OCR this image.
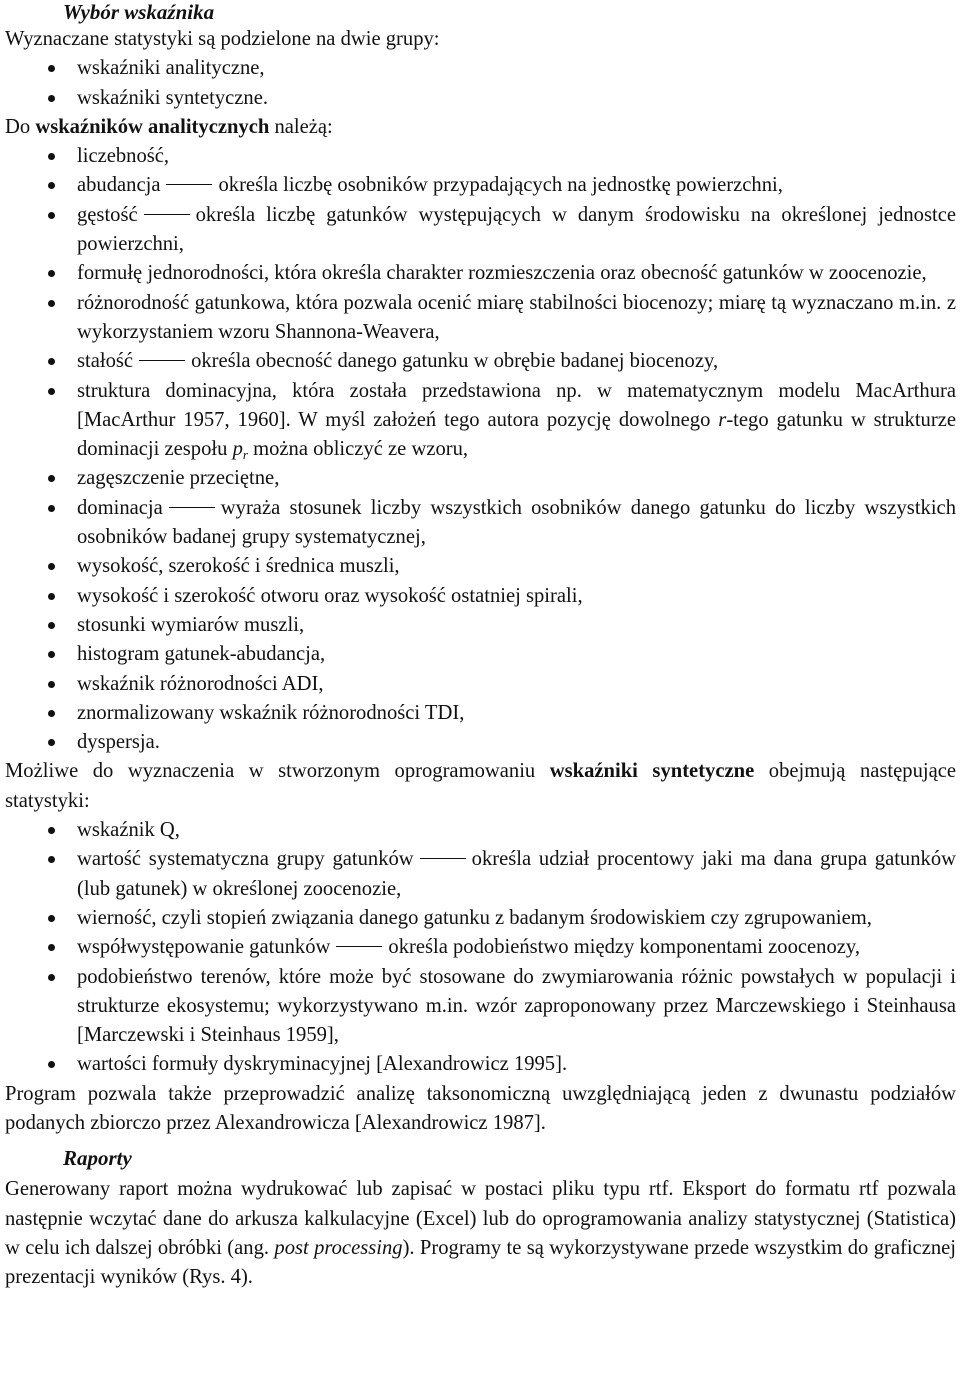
Wybór wskaźnika

Wyznaczane statystyki są podzielone na dwie grupy:

wskaźniki analityczne,
wskaźniki syntetyczne.

Do wskaźników analitycznych należą:

liczebność,
abudancja	określa liczbę osobników przypadających na jednostkę powierzchni,
gęstość	określa liczbę gatunków występujących w danym środowisku na określonej jednostce powierzchni,
formułę jednorodności, która określa charakter rozmieszczenia oraz obecność gatunków w zoocenozie,
różnorodność gatunkowa, która pozwala ocenić miarę stabilności biocenozy; miarę tą wyznaczano m.in. z wykorzystaniem wzoru Shannona-Weavera,
stałość	określa obecność danego gatunku w obrębie badanej biocenozy,
struktura dominacyjna, która została przedstawiona np. w matematycznym modelu MacArthura [MacArthur 1957, 1960]. W myśl założeń tego autora pozycję dowolnego r-tego gatunku w strukturze dominacji zespołu $p_r$ można obliczyć ze wzoru,
zagęszczenie przeciętne,
dominacja	wyraża stosunek liczby wszystkich osobników danego gatunku do liczby wszystkich osobników badanej grupy systematycznej,
wysokość, szerokość i średnica muszli,
wysokość i szerokość otworu oraz wysokość ostatniej spirali,
stosunki wymiarów muszli,
histogram gatunek-abudancja,
wskaźnik różnorodności ADI,
znormalizowany wskaźnik różnorodności TDI,
dyspersja.

Możliwe do wyznaczenia w stworzonym oprogramowaniu wskaźniki syntetyczne obejmują następujące statystyki:

wskaźnik Q,
wartość systematyczna grupy gatunków	określa udział procentowy jaki ma dana grupa gatunków (lub gatunek) w określonej zoocenozie,
wierność, czyli stopień związania danego gatunku z badanym środowiskiem czy zgrupowaniem,
współwystępowanie gatunków	określa podobieństwo między komponentami zoocenozy,
podobieństwo terenów, które może być stosowane do zwymiarowania różnic powstałych w populacji i strukturze ekosystemu; wykorzystywano m.in. wzór zaproponowany przez Marczewskiego i Steinhausa [Marczewski i Steinhaus 1959],
wartości formuły dyskryminacyjnej [Alexandrowicz 1995].

Program pozwala także przeprowadzić analizę taksonomiczną uwzględniającą jeden z dwunastu podziałów podanych zbiorczo przez Alexandrowicza [Alexandrowicz 1987].

Raporty

Generowany raport można wydrukować lub zapisać w postaci pliku typu rtf. Eksport do formatu rtf pozwala następnie wczytać dane do arkusza kalkulacyjne (Excel) lub do oprogramowania analizy statystycznej (Statistica) w celu ich dalszej obróbki (ang. post processing). Programy te są wykorzystywane przede wszystkim do graficznej prezentacji wyników (Rys. 4).
